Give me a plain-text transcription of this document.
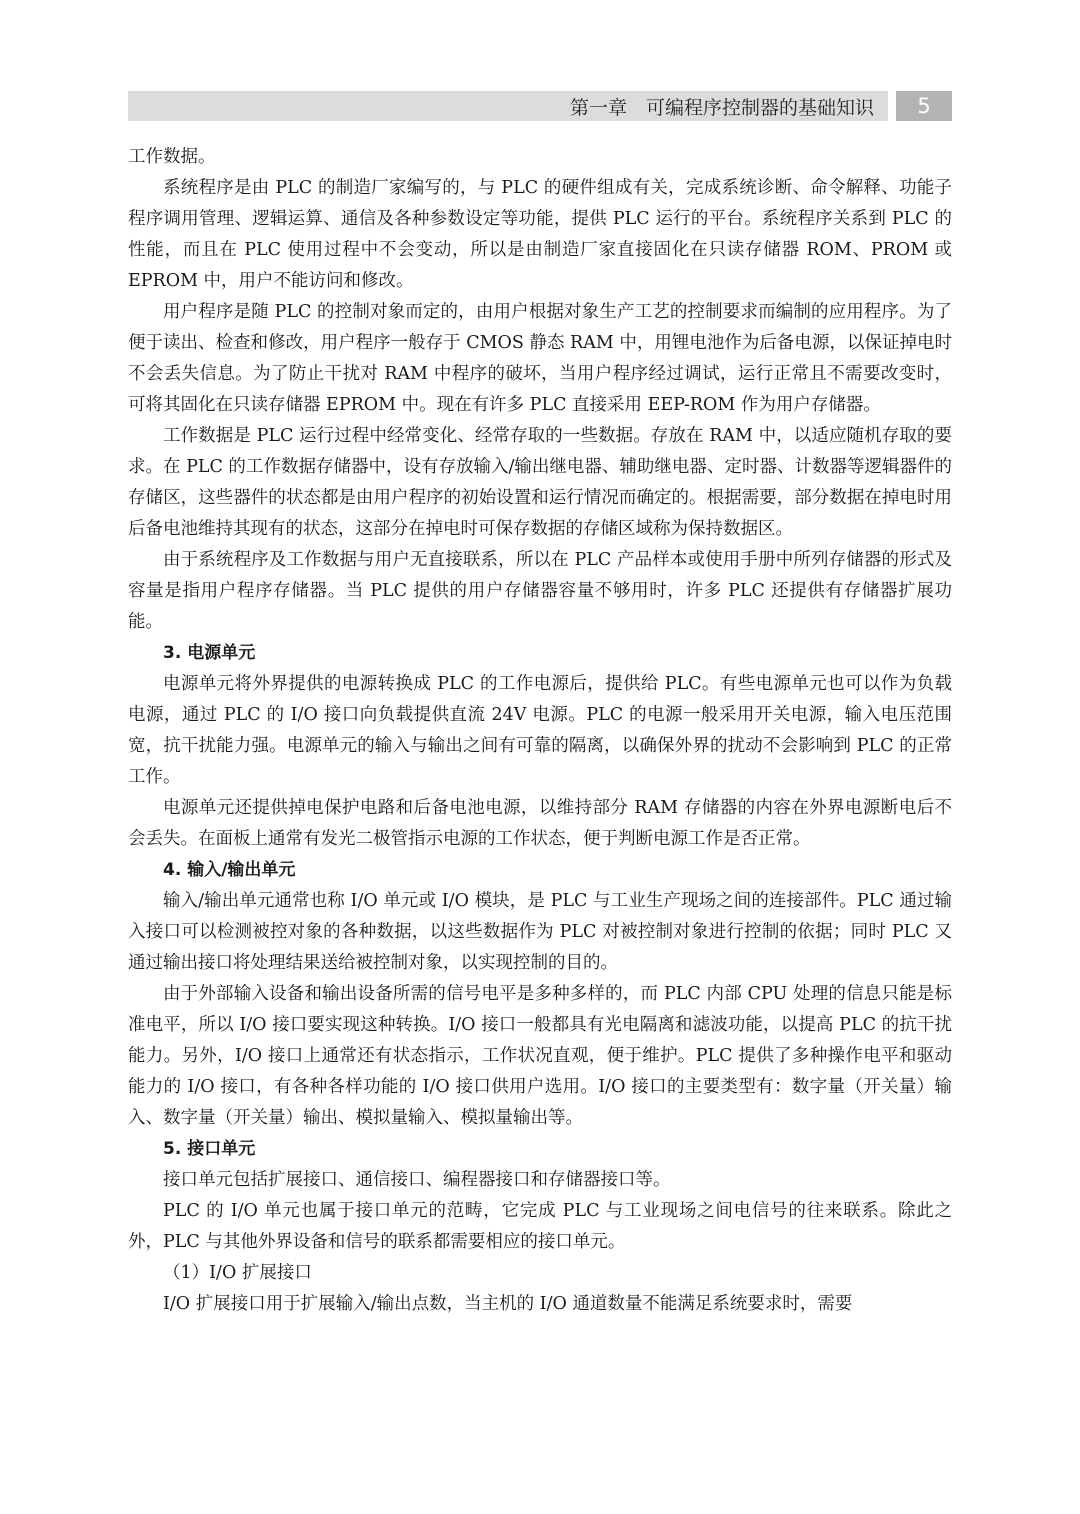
第一章　可编程序控制器的基础知识	5

工作数据。

系统程序是由 PLC 的制造厂家编写的，与 PLC 的硬件组成有关，完成系统诊断、命令解释、功能子程序调用管理、逻辑运算、通信及各种参数设定等功能，提供 PLC 运行的平台。系统程序关系到 PLC 的性能，而且在 PLC 使用过程中不会变动，所以是由制造厂家直接固化在只读存储器 ROM、PROM 或 EPROM 中，用户不能访问和修改。

用户程序是随 PLC 的控制对象而定的，由用户根据对象生产工艺的控制要求而编制的应用程序。为了便于读出、检查和修改，用户程序一般存于 CMOS 静态 RAM 中，用锂电池作为后备电源，以保证掉电时不会丢失信息。为了防止干扰对 RAM 中程序的破坏，当用户程序经过调试，运行正常且不需要改变时，可将其固化在只读存储器 EPROM 中。现在有许多 PLC 直接采用 EEP-ROM 作为用户存储器。

工作数据是 PLC 运行过程中经常变化、经常存取的一些数据。存放在 RAM 中，以适应随机存取的要求。在 PLC 的工作数据存储器中，设有存放输入/输出继电器、辅助继电器、定时器、计数器等逻辑器件的存储区，这些器件的状态都是由用户程序的初始设置和运行情况而确定的。根据需要，部分数据在掉电时用后备电池维持其现有的状态，这部分在掉电时可保存数据的存储区域称为保持数据区。

由于系统程序及工作数据与用户无直接联系，所以在 PLC 产品样本或使用手册中所列存储器的形式及容量是指用户程序存储器。当 PLC 提供的用户存储器容量不够用时，许多 PLC 还提供有存储器扩展功能。

3. 电源单元

电源单元将外界提供的电源转换成 PLC 的工作电源后，提供给 PLC。有些电源单元也可以作为负载电源，通过 PLC 的 I/O 接口向负载提供直流 24V 电源。PLC 的电源一般采用开关电源，输入电压范围宽，抗干扰能力强。电源单元的输入与输出之间有可靠的隔离，以确保外界的扰动不会影响到 PLC 的正常工作。

电源单元还提供掉电保护电路和后备电池电源，以维持部分 RAM 存储器的内容在外界电源断电后不会丢失。在面板上通常有发光二极管指示电源的工作状态，便于判断电源工作是否正常。

4. 输入/输出单元

输入/输出单元通常也称 I/O 单元或 I/O 模块，是 PLC 与工业生产现场之间的连接部件。PLC 通过输入接口可以检测被控对象的各种数据，以这些数据作为 PLC 对被控制对象进行控制的依据；同时 PLC 又通过输出接口将处理结果送给被控制对象，以实现控制的目的。

由于外部输入设备和输出设备所需的信号电平是多种多样的，而 PLC 内部 CPU 处理的信息只能是标准电平，所以 I/O 接口要实现这种转换。I/O 接口一般都具有光电隔离和滤波功能，以提高 PLC 的抗干扰能力。另外，I/O 接口上通常还有状态指示，工作状况直观，便于维护。PLC 提供了多种操作电平和驱动能力的 I/O 接口，有各种各样功能的 I/O 接口供用户选用。I/O 接口的主要类型有：数字量（开关量）输入、数字量（开关量）输出、模拟量输入、模拟量输出等。

5. 接口单元

接口单元包括扩展接口、通信接口、编程器接口和存储器接口等。

PLC 的 I/O 单元也属于接口单元的范畴，它完成 PLC 与工业现场之间电信号的往来联系。除此之外，PLC 与其他外界设备和信号的联系都需要相应的接口单元。

（1）I/O 扩展接口

I/O 扩展接口用于扩展输入/输出点数，当主机的 I/O 通道数量不能满足系统要求时，需要
